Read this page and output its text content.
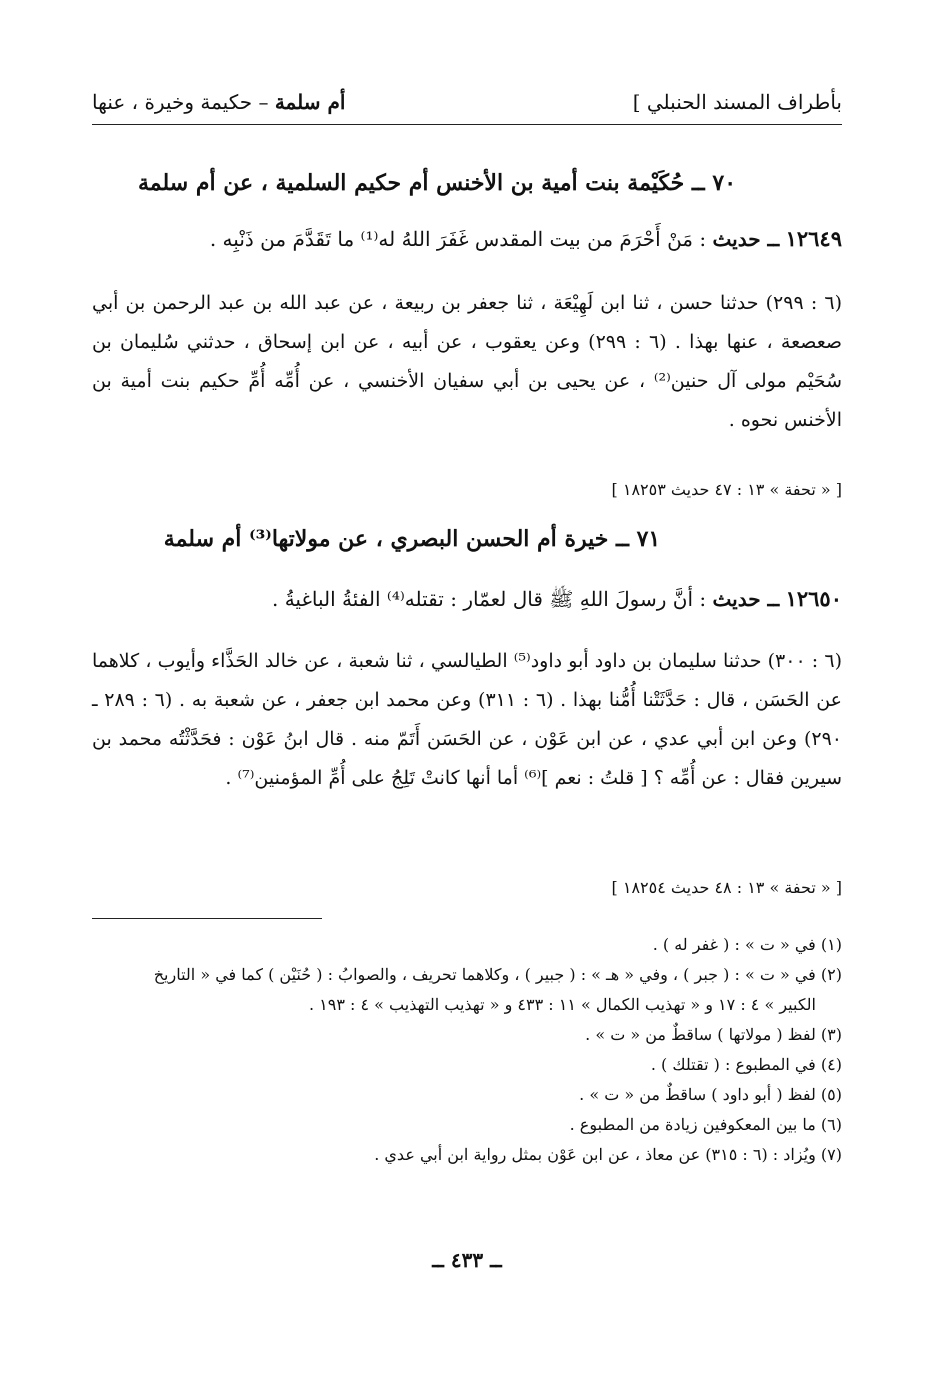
بأطراف المسند الحنبلي ]
أم سلمة – حكيمة وخيرة ، عنها
٧٠ ــ حُكَيْمة بنت أمية بن الأخنس أم حكيم السلمية ، عن أم سلمة
١٢٦٤٩ ــ حديث : مَنْ أَحْرَمَ من بيت المقدس غَفَرَ اللهُ له⁽¹⁾ ما تَقَدَّمَ من ذَنْبِه .
(٦ : ٢٩٩) حدثنا حسن ، ثنا ابن لَهِيْعَة ، ثنا جعفر بن ربيعة ، عن عبد الله بن عبد الرحمن بن أبي صعصعة ، عنها بهذا . (٦ : ٢٩٩) وعن يعقوب ، عن أبيه ، عن ابن إسحاق ، حدثني سُليمان بن سُحَيْم مولى آل حنين⁽²⁾ ، عن يحيى بن أبي سفيان الأخنسي ، عن أُمِّه أُمِّ حكيم بنت أمية بن الأخنس نحوه .
[ « تحفة » ١٣ : ٤٧ حديث ١٨٢٥٣ ]
٧١ ــ خيرة أم الحسن البصري ، عن مولاتها⁽³⁾ أم سلمة
١٢٦٥٠ ــ حديث : أنَّ رسولَ اللهِ ﷺ قال لعمّار : تقتله⁽⁴⁾ الفئةُ الباغيةُ .
(٦ : ٣٠٠) حدثنا سليمان بن داود أبو داود⁽⁵⁾ الطيالسي ، ثنا شعبة ، عن خالد الحَذَّاء وأيوب ، كلاهما عن الحَسَن ، قال : حَدَّثَتْنا أُمُّنا بهذا . (٦ : ٣١١) وعن محمد ابن جعفر ، عن شعبة به . (٦ : ٢٨٩ ـ ٢٩٠) وعن ابن أبي عدي ، عن ابن عَوْن ، عن الحَسَن أَتَمّ منه . قال ابنُ عَوْن : فحَدَّثْتُه محمد بن سيرين فقال : عن أُمِّه ؟ [ قلتُ : نعم ]⁽⁶⁾ أما أنها كانتْ تَلِجُ على أُمِّ المؤمنين⁽⁷⁾ .
[ « تحفة » ١٣ : ٤٨ حديث ١٨٢٥٤ ]
(١) في « ت » : ( غفر له ) .
(٢) في « ت » : ( جبر ) ، وفي « هـ » : ( جبير ) ، وكلاهما تحريف ، والصوابُ : ( حُنَيْن ) كما في « التاريخ
الكبير » ٤ : ١٧ و « تهذيب الكمال » ١١ : ٤٣٣ و « تهذيب التهذيب » ٤ : ١٩٣ .
(٣) لفظ ( مولاتها ) ساقطٌ من « ت » .
(٤) في المطبوع : ( تقتلك ) .
(٥) لفظ ( أبو داود ) ساقطٌ من « ت » .
(٦) ما بين المعكوفين زيادة من المطبوع .
(٧) ويُزاد : (٦ : ٣١٥) عن معاذ ، عن ابن عَوْن بمثل رواية ابن أبي عدي .
ــ ٤٣٣ ــ
